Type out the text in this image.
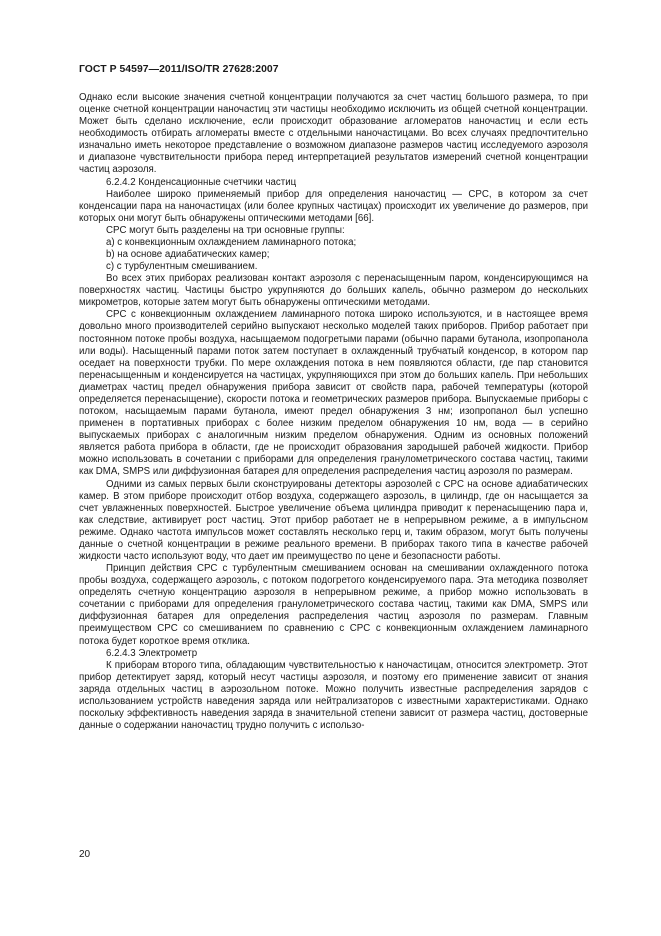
ГОСТ Р 54597—2011/ISO/TR 27628:2007

Однако если высокие значения счетной концентрации получаются за счет частиц большого размера, то при оценке счетной концентрации наночастиц эти частицы необходимо исключить из общей счетной концентрации. Может быть сделано исключение, если происходит образование агломератов наночастиц и если есть необходимость отбирать агломераты вместе с отдельными наночастицами. Во всех случаях предпочтительно изначально иметь некоторое представление о возможном диапазоне размеров частиц исследуемого аэрозоля и диапазоне чувствительности прибора перед интерпретацией результатов измерений счетной концентрации частиц аэрозоля.

6.2.4.2 Конденсационные счетчики частиц

Наиболее широко применяемый прибор для определения наночастиц — CPC, в котором за счет конденсации пара на наночастицах (или более крупных частицах) происходит их увеличение до размеров, при которых они могут быть обнаружены оптическими методами [66].

CPC могут быть разделены на три основные группы:

a) с конвекционным охлаждением ламинарного потока;

b) на основе адиабатических камер;

c) с турбулентным смешиванием.

Во всех этих приборах реализован контакт аэрозоля с перенасыщенным паром, конденсирующимся на поверхностях частиц. Частицы быстро укрупняются до больших капель, обычно размером до нескольких микрометров, которые затем могут быть обнаружены оптическими методами.

CPC с конвекционным охлаждением ламинарного потока широко используются, и в настоящее время довольно много производителей серийно выпускают несколько моделей таких приборов. Прибор работает при постоянном потоке пробы воздуха, насыщаемом подогретыми парами (обычно парами бутанола, изопропанола или воды). Насыщенный парами поток затем поступает в охлажденный трубчатый конденсор, в котором пар оседает на поверхности трубки. По мере охлаждения потока в нем появляются области, где пар становится перенасыщенным и конденсируется на частицах, укрупняющихся при этом до больших капель. При небольших диаметрах частиц предел обнаружения прибора зависит от свойств пара, рабочей температуры (которой определяется перенасыщение), скорости потока и геометрических размеров прибора. Выпускаемые приборы с потоком, насыщаемым парами бутанола, имеют предел обнаружения 3 нм; изопропанол был успешно применен в портативных приборах с более низким пределом обнаружения 10 нм, вода — в серийно выпускаемых приборах с аналогичным низким пределом обнаружения. Одним из основных положений является работа прибора в области, где не происходит образования зародышей рабочей жидкости. Прибор можно использовать в сочетании с приборами для определения гранулометрического состава частиц, такими как DMA, SMPS или диффузионная батарея для определения распределения частиц аэрозоля по размерам.

Одними из самых первых были сконструированы детекторы аэрозолей с CPC на основе адиабатических камер. В этом приборе происходит отбор воздуха, содержащего аэрозоль, в цилиндр, где он насыщается за счет увлажненных поверхностей. Быстрое увеличение объема цилиндра приводит к перенасыщению пара и, как следствие, активирует рост частиц. Этот прибор работает не в непрерывном режиме, а в импульсном режиме. Однако частота импульсов может составлять несколько герц и, таким образом, могут быть получены данные о счетной концентрации в режиме реального времени. В приборах такого типа в качестве рабочей жидкости часто используют воду, что дает им преимущество по цене и безопасности работы.

Принцип действия CPC с турбулентным смешиванием основан на смешивании охлажденного потока пробы воздуха, содержащего аэрозоль, с потоком подогретого конденсируемого пара. Эта методика позволяет определять счетную концентрацию аэрозоля в непрерывном режиме, а прибор можно использовать в сочетании с приборами для определения гранулометрического состава частиц, такими как DMA, SMPS или диффузионная батарея для определения распределения частиц аэрозоля по размерам. Главным преимуществом CPC со смешиванием по сравнению с CPC с конвекционным охлаждением ламинарного потока будет короткое время отклика.

6.2.4.3 Электрометр

К приборам второго типа, обладающим чувствительностью к наночастицам, относится электрометр. Этот прибор детектирует заряд, который несут частицы аэрозоля, и поэтому его применение зависит от знания заряда отдельных частиц в аэрозольном потоке. Можно получить известные распределения зарядов с использованием устройств наведения заряда или нейтрализаторов с известными характеристиками. Однако поскольку эффективность наведения заряда в значительной степени зависит от размера частиц, достоверные данные о содержании наночастиц трудно получить с использо-

20
